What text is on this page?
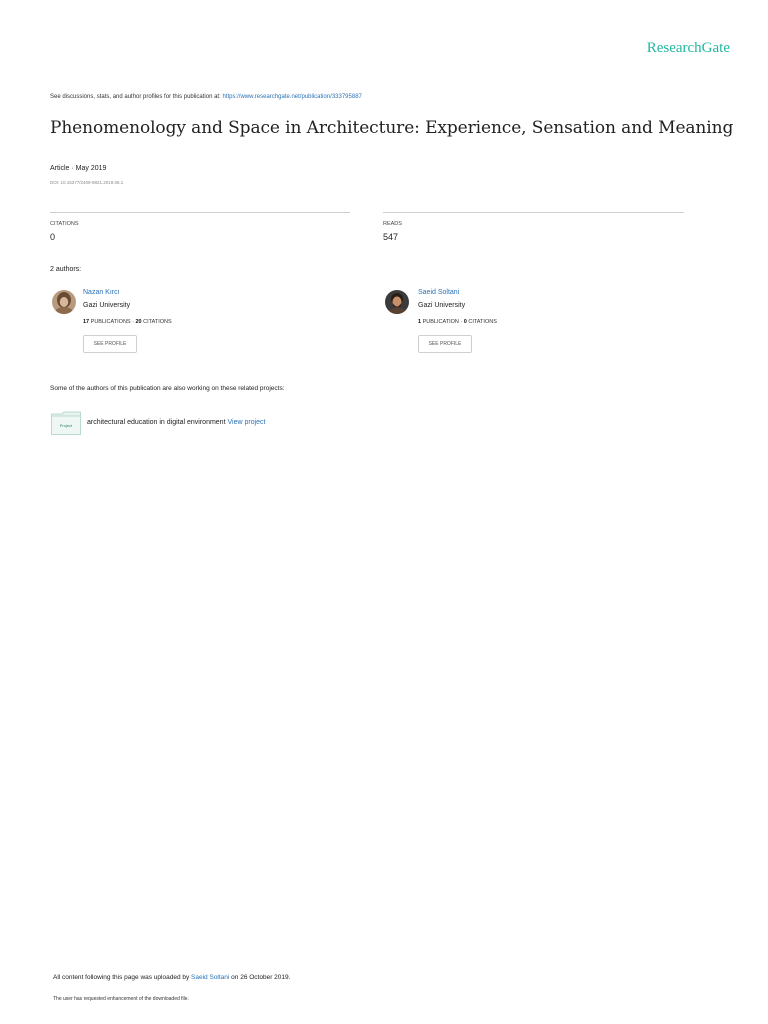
ResearchGate
See discussions, stats, and author profiles for this publication at: https://www.researchgate.net/publication/333795887
Phenomenology and Space in Architecture: Experience, Sensation and Meaning
Article · May 2019
DOI: 10.15377/2409-9821.2019.06.1
CITATIONS
0
READS
547
2 authors:
Nazan Kırcı
Gazi University
17 PUBLICATIONS · 20 CITATIONS
SEE PROFILE
Saeid Soltani
Gazi University
1 PUBLICATION · 0 CITATIONS
SEE PROFILE
Some of the authors of this publication are also working on these related projects:
Project architectural education in digital environment View project
All content following this page was uploaded by Saeid Soltani on 26 October 2019.
The user has requested enhancement of the downloaded file.
